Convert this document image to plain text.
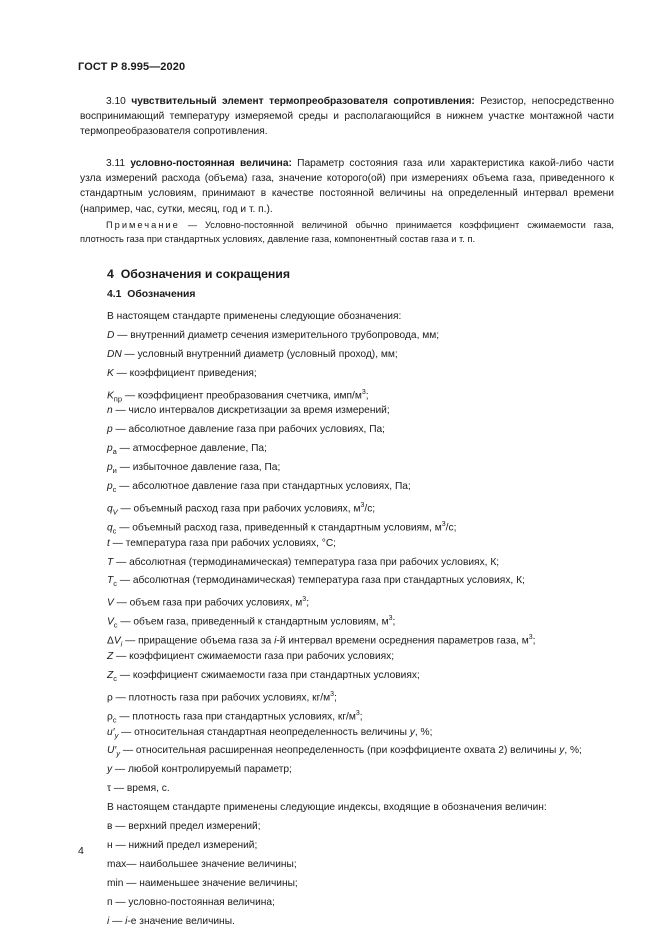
ГОСТ Р 8.995—2020
3.10 чувствительный элемент термопреобразователя сопротивления: Резистор, непосредственно воспринимающий температуру измеряемой среды и располагающийся в нижнем участке монтажной части термопреобразователя сопротивления.
3.11 условно-постоянная величина: Параметр состояния газа или характеристика какой-либо части узла измерений расхода (объема) газа, значение которого(ой) при измерениях объема газа, приведенного к стандартным условиям, принимают в качестве постоянной величины на определенный интервал времени (например, час, сутки, месяц, год и т. п.).
Примечание — Условно-постоянной величиной обычно принимается коэффициент сжимаемости газа, плотность газа при стандартных условиях, давление газа, компонентный состав газа и т. п.
4 Обозначения и сокращения
4.1 Обозначения
В настоящем стандарте применены следующие обозначения:
D — внутренний диаметр сечения измерительного трубопровода, мм;
DN — условный внутренний диаметр (условный проход), мм;
K — коэффициент приведения;
$K_{пр}$ — коэффициент преобразования счетчика, имп/$м^3$;
n — число интервалов дискретизации за время измерений;
p — абсолютное давление газа при рабочих условиях, Па;
$p_а$ — атмосферное давление, Па;
$p_и$ — избыточное давление газа, Па;
$p_с$ — абсолютное давление газа при стандартных условиях, Па;
$q_V$ — объемный расход газа при рабочих условиях, $м^3/с$;
$q_с$ — объемный расход газа, приведенный к стандартным условиям, $м^3/с$;
t — температура газа при рабочих условиях, °С;
T — абсолютная (термодинамическая) температура газа при рабочих условиях, К;
$T_с$ — абсолютная (термодинамическая) температура газа при стандартных условиях, К;
V — объем газа при рабочих условиях, $м^3$;
$V_с$ — объем газа, приведенный к стандартным условиям, $м^3$;
$\Delta V_i$ — приращение объема газа за i-й интервал времени осреднения параметров газа, $м^3$;
Z — коэффициент сжимаемости газа при рабочих условиях;
$Z_с$ — коэффициент сжимаемости газа при стандартных условиях;
ρ — плотность газа при рабочих условиях, $кг/м^3$;
$\rho_с$ — плотность газа при стандартных условиях, $кг/м^3$;
$u'_y$ — относительная стандартная неопределенность величины y, %;
$U'_y$ — относительная расширенная неопределенность (при коэффициенте охвата 2) величины y, %;
y — любой контролируемый параметр;
τ — время, с.
В настоящем стандарте применены следующие индексы, входящие в обозначения величин:
в — верхний предел измерений;
н — нижний предел измерений;
max— наибольшее значение величины;
min — наименьшее значение величины;
п — условно-постоянная величина;
i — i-е значение величины.
4
